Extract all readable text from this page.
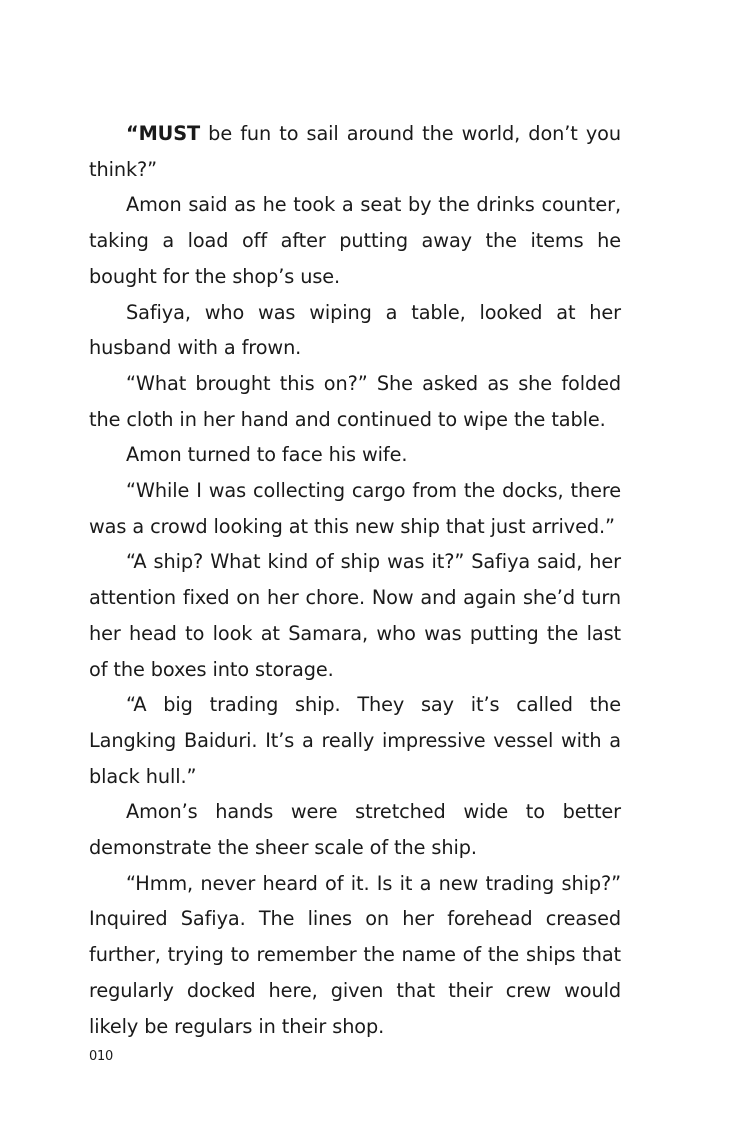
“MUST be fun to sail around the world, don’t you think?”

Amon said as he took a seat by the drinks counter, taking a load off after putting away the items he bought for the shop’s use.

Safiya, who was wiping a table, looked at her husband with a frown.

“What brought this on?” She asked as she folded the cloth in her hand and continued to wipe the table.

Amon turned to face his wife.

“While I was collecting cargo from the docks, there was a crowd looking at this new ship that just arrived.”

“A ship? What kind of ship was it?” Safiya said, her attention fixed on her chore. Now and again she’d turn her head to look at Samara, who was putting the last of the boxes into storage.

“A big trading ship. They say it’s called the Langking Baiduri. It’s a really impressive vessel with a black hull.”

Amon’s hands were stretched wide to better demonstrate the sheer scale of the ship.

“Hmm, never heard of it. Is it a new trading ship?” Inquired Safiya. The lines on her forehead creased further, trying to remember the name of the ships that regularly docked here, given that their crew would likely be regulars in their shop.

010
